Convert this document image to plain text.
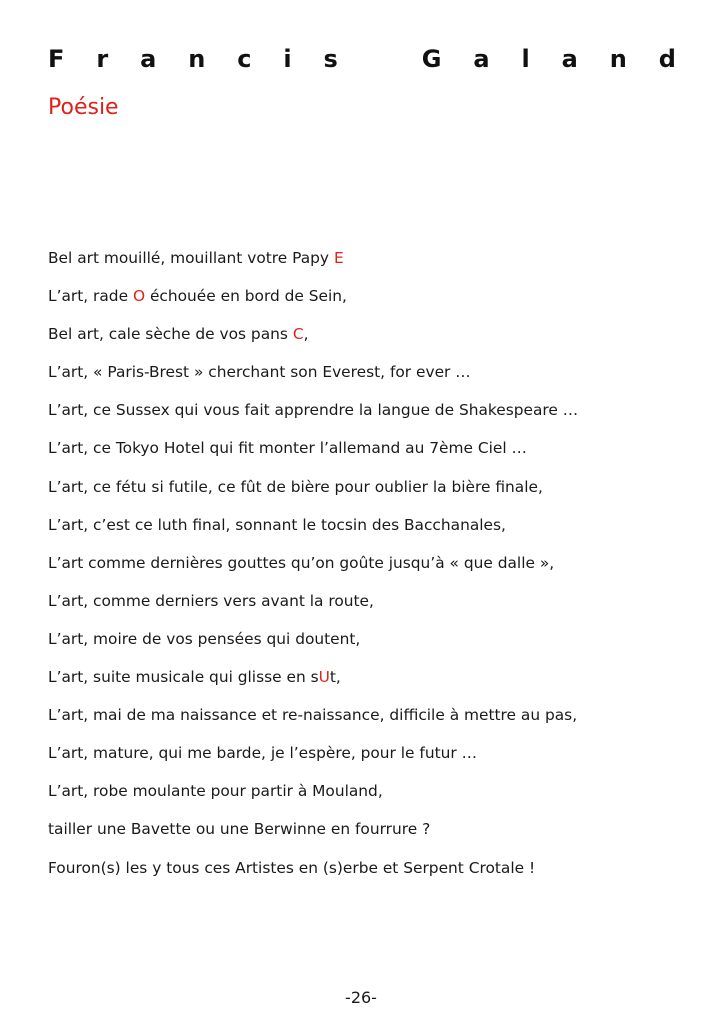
F r a n c i s	G a l a n d
Poésie
Bel art mouillé, mouillant votre Papy E
L’art, rade O échouée en bord de Sein,
Bel art, cale sèche de vos pans C,
L’art, « Paris-Brest » cherchant son Everest, for ever …
L’art, ce Sussex qui vous fait apprendre la langue de Shakespeare …
L’art, ce Tokyo Hotel qui fit monter l’allemand au 7ème Ciel …
L’art, ce fétu si futile, ce fût de bière pour oublier la bière finale,
L’art, c’est ce luth final, sonnant le tocsin des Bacchanales,
L’art comme dernières gouttes qu’on goûte jusqu’à « que dalle »,
L’art, comme derniers vers avant la route,
L’art, moire de vos pensées qui doutent,
L’art, suite musicale qui glisse en sUt,
L’art, mai de ma naissance et re-naissance, difficile à mettre au pas,
L’art, mature, qui me barde, je l’espère, pour le futur …
L’art, robe moulante pour partir à Mouland,
tailler une Bavette ou une Berwinne en fourrure ?
Fouron(s) les y tous ces Artistes en (s)erbe et Serpent Crotale !
-26-
